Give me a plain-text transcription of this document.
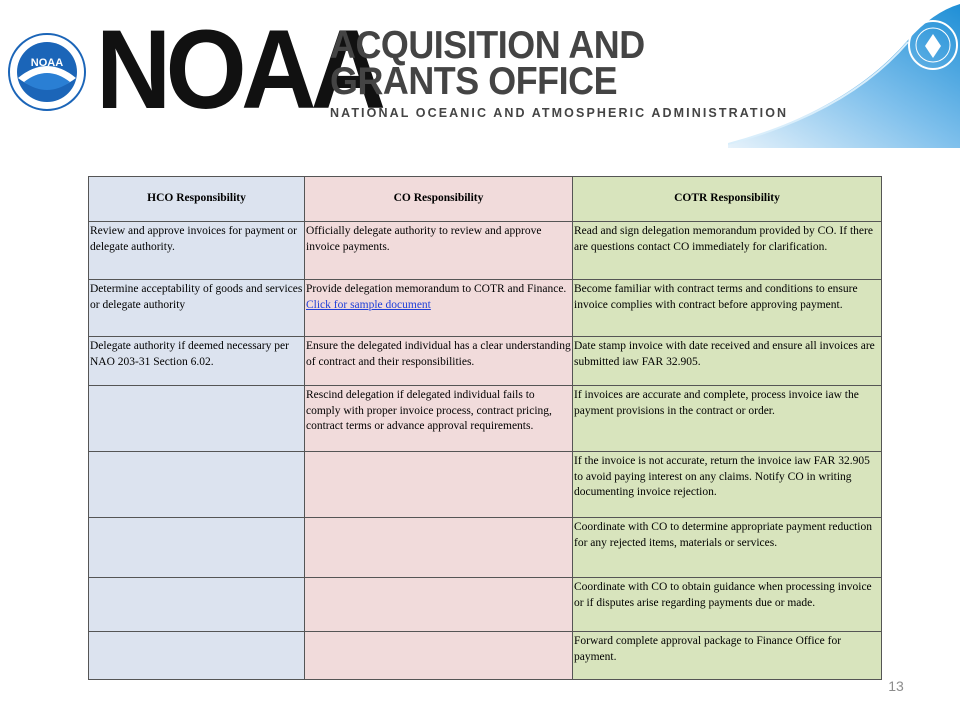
NOAA NOAA
ACQUISITION AND
GRANTS OFFICE
NATIONAL OCEANIC AND ATMOSPHERIC ADMINISTRATION
HCO Responsibility	CO Responsibility	COTR Responsibility
Review and approve invoices for payment or delegate authority.	Officially delegate authority to review and approve invoice payments.	Read and sign delegation memorandum provided by CO. If there are questions contact CO immediately for clarification.
Determine acceptability of goods and services or delegate authority	Provide delegation memorandum to COTR and Finance. Click for sample document	Become familiar with contract terms and conditions to ensure invoice complies with contract before approving payment.
Delegate authority if deemed necessary per NAO 203-31 Section 6.02.	Ensure the delegated individual has a clear understanding of contract and their responsibilities.	Date stamp invoice with date received and ensure all invoices are submitted iaw FAR 32.905.
	Rescind delegation if delegated individual fails to comply with proper invoice process, contract pricing, contract terms or advance approval requirements.	If invoices are accurate and complete, process invoice iaw the payment provisions in the contract or order.
		If the invoice is not accurate, return the invoice iaw FAR 32.905 to avoid paying interest on any claims. Notify CO in writing documenting invoice rejection.
		Coordinate with CO to determine appropriate payment reduction for any rejected items, materials or services.
		Coordinate with CO to obtain guidance when processing invoice or if disputes arise regarding payments due or made.
		Forward complete approval package to Finance Office for payment.
13
